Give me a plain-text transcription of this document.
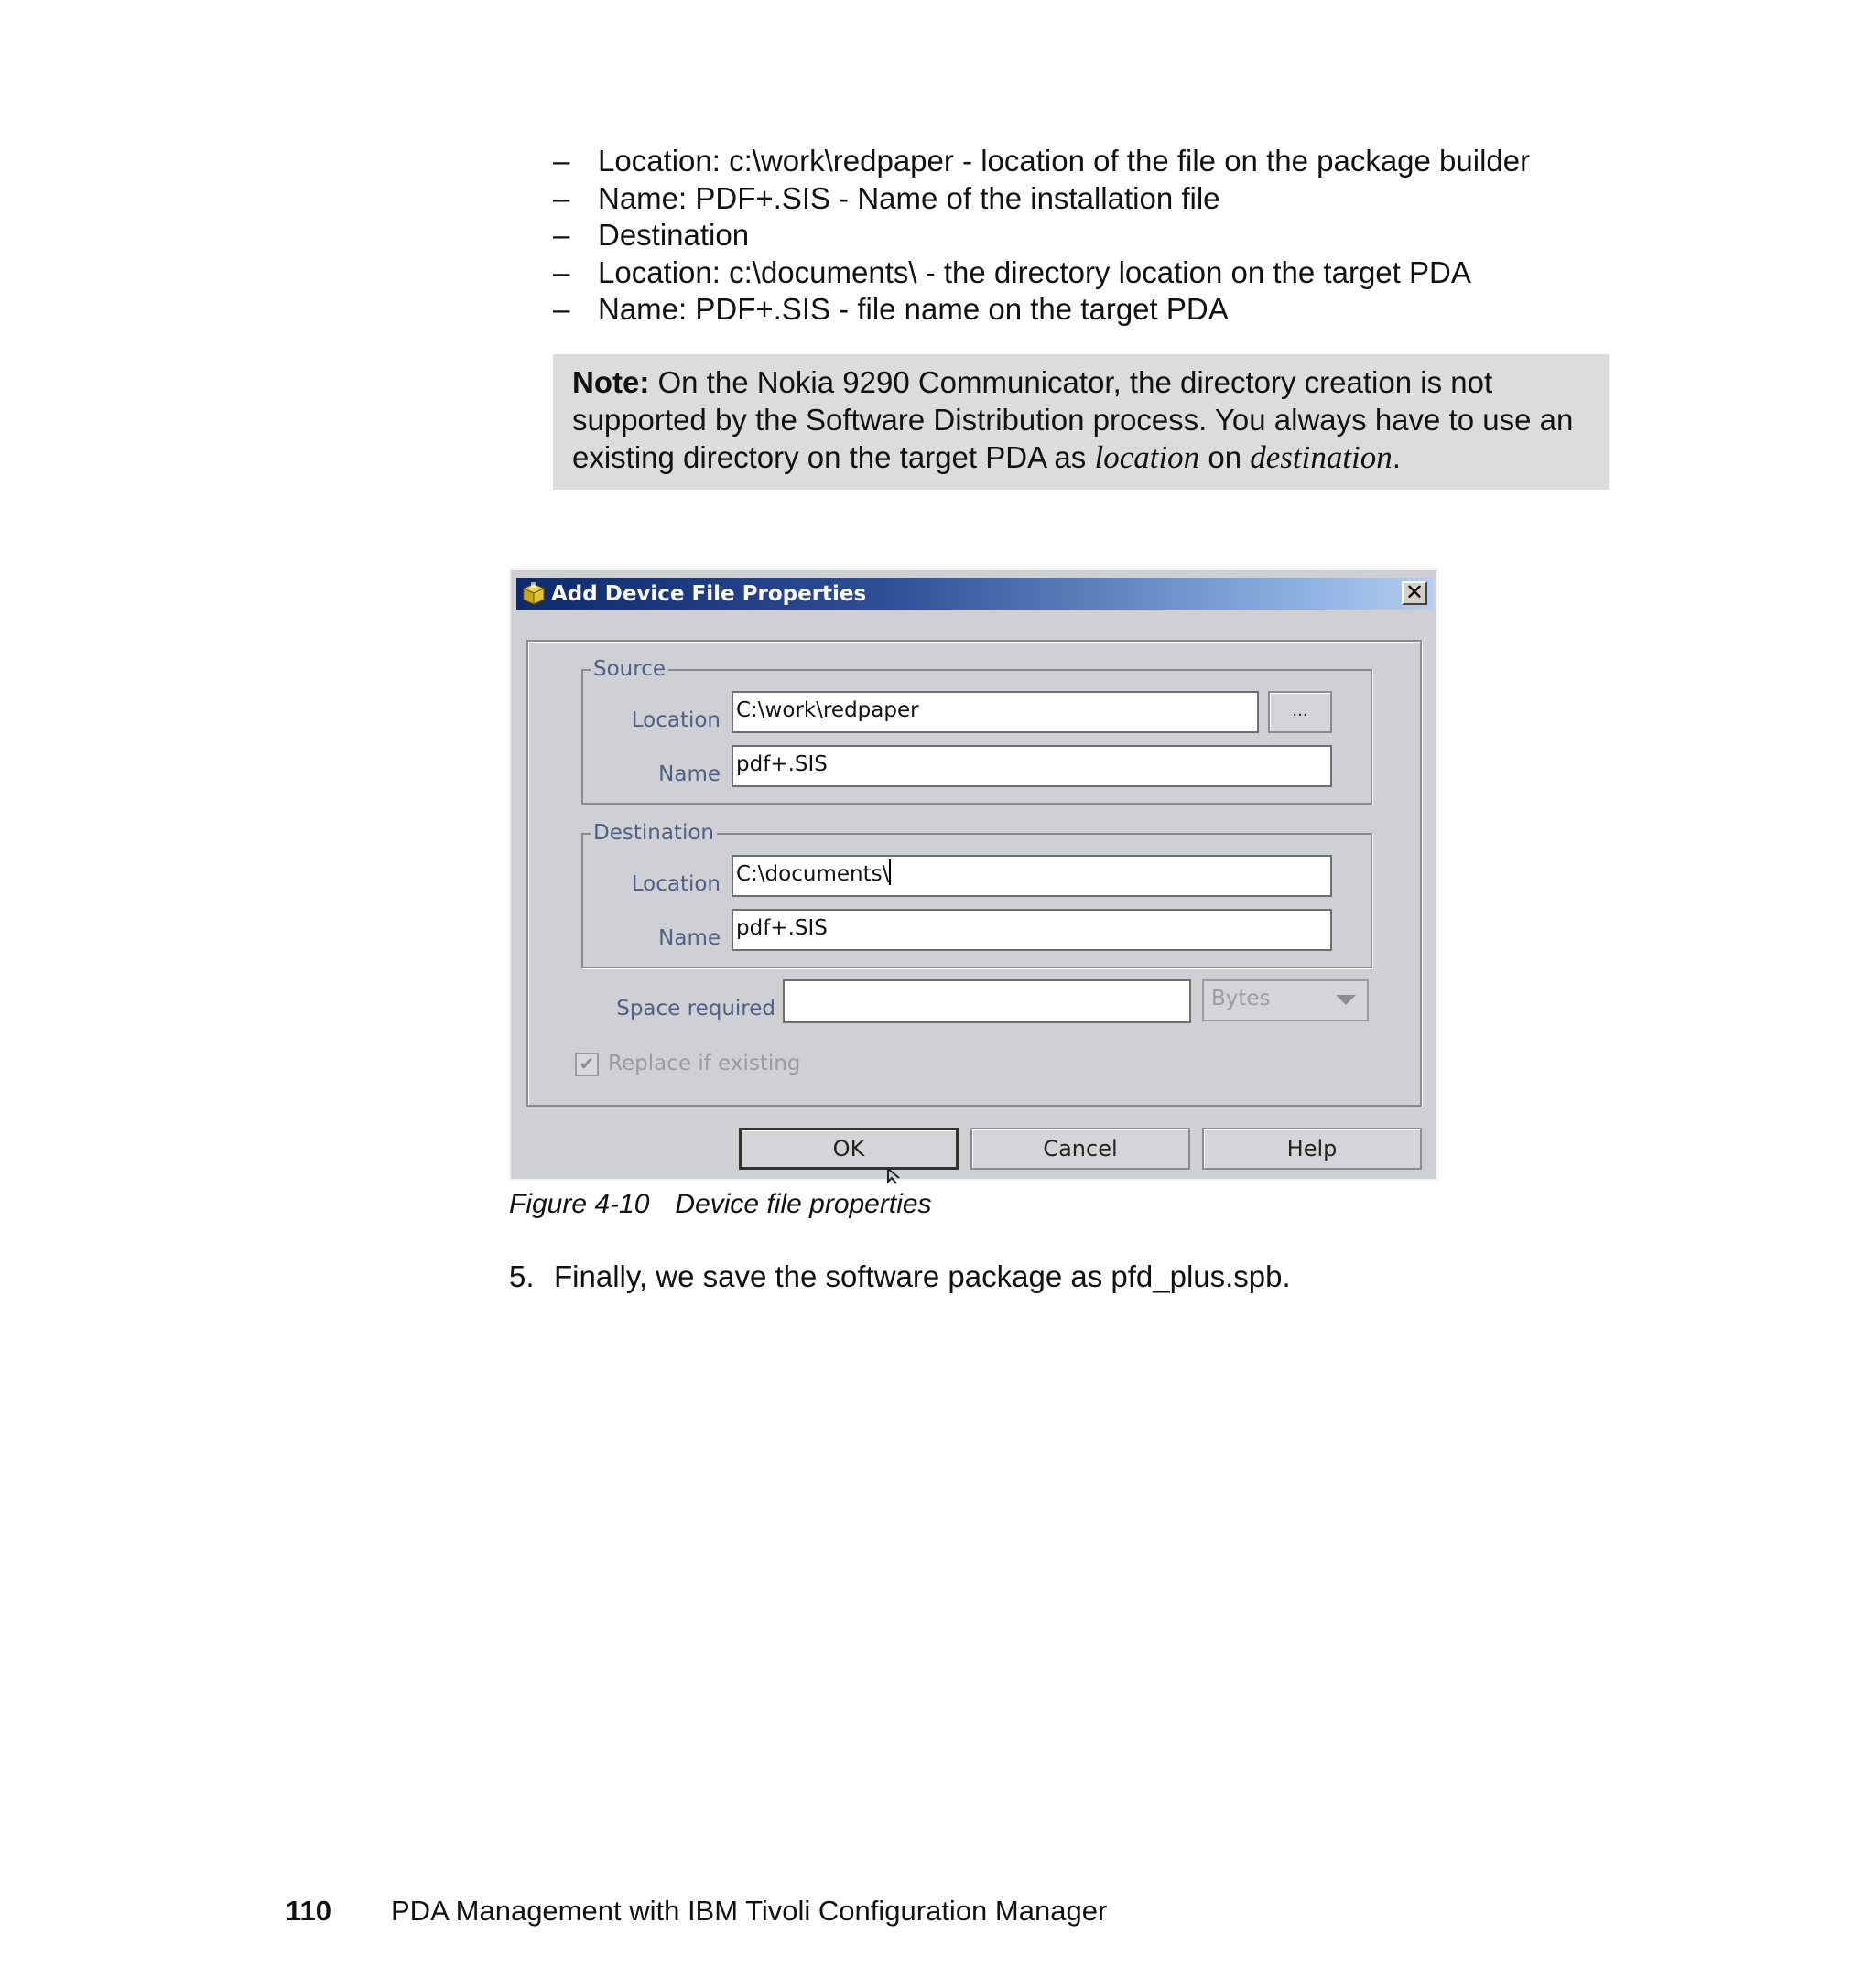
– Location: c:\work\redpaper - location of the file on the package builder
– Name: PDF+.SIS - Name of the installation file
– Destination
– Location: c:\documents\ - the directory location on the target PDA
– Name: PDF+.SIS - file name on the target PDA
Note: On the Nokia 9290 Communicator, the directory creation is not supported by the Software Distribution process. You always have to use an existing directory on the target PDA as location on destination.
Add Device File Properties	✕
Source
Location C:\work\redpaper	...
Name pdf+.SIS
Destination
Location C:\documents\
Name pdf+.SIS
Space required	Bytes
✔ Replace if existing
OK	Cancel	Help
Figure 4-10 Device file properties
5. Finally, we save the software package as pfd_plus.spb.
110 PDA Management with IBM Tivoli Configuration Manager
